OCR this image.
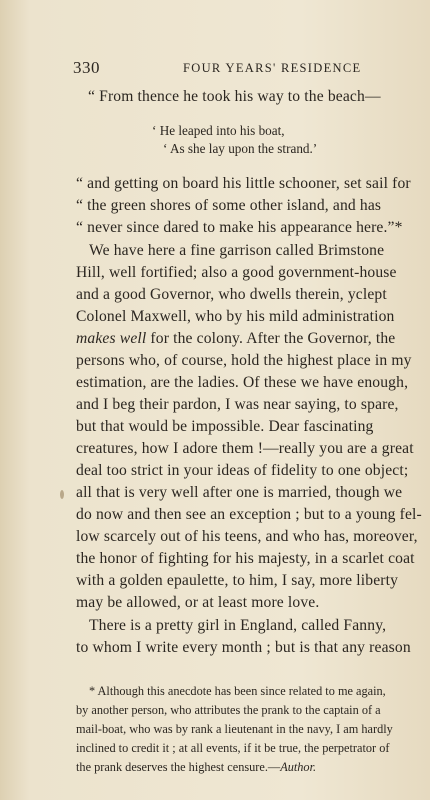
330	FOUR YEARS' RESIDENCE
“ From thence he took his way to the beach—
‘ He leaped into his boat,
‘ As she lay upon the strand.’
“ and getting on board his little schooner, set sail for
“ the green shores of some other island, and has
“ never since dared to make his appearance here.”*
We have here a fine garrison called Brimstone
Hill, well fortified; also a good government-house
and a good Governor, who dwells therein, yclept
Colonel Maxwell, who by his mild administration
makes well for the colony. After the Governor, the
persons who, of course, hold the highest place in my
estimation, are the ladies. Of these we have enough,
and I beg their pardon, I was near saying, to spare,
but that would be impossible. Dear fascinating
creatures, how I adore them !—really you are a great
deal too strict in your ideas of fidelity to one object;
all that is very well after one is married, though we
do now and then see an exception ; but to a young fel-
low scarcely out of his teens, and who has, moreover,
the honor of fighting for his majesty, in a scarlet coat
with a golden epaulette, to him, I say, more liberty
may be allowed, or at least more love.
There is a pretty girl in England, called Fanny,
to whom I write every month ; but is that any reason
* Although this anecdote has been since related to me again,
by another person, who attributes the prank to the captain of a
mail-boat, who was by rank a lieutenant in the navy, I am hardly
inclined to credit it ; at all events, if it be true, the perpetrator of
the prank deserves the highest censure.—Author.
